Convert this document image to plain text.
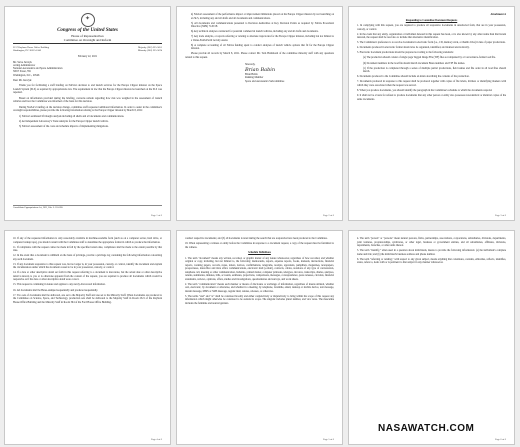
✦
Congress of the United States
House of Representatives
Committee on Oversight and Reform
2157 Rayburn House Office Building
Washington, DC 20515-6143
Majority (202) 225-5051
Minority (202) 225-5074
February 22, 2021
Mr. Steve Jurczyk
Acting Administrator
National Aeronautics and Space Administration
300 E Street, SW
Washington, D.C., 20546

Dear Mr. Jurczyk:

Thank you for facilitating a staff briefing on NASA's decision to end launch services for the Europa Clipper mission on the Space Launch System (SLS) as required by appropriations law. The requirement in law that the Europa Clipper mission be launched on the SLS was repealed.

Based on information provided during the briefing, concerns remain regarding how risk was weighed in the assessment of launch vehicles and how the Committee was informed of the basis for this decision.

During NASA's briefing on the decision change, committee staff requested additional information. In order to assist in the committee's oversight responsibilities, please provide the following information relating to the Europa Clipper mission by March 8, 2021:

1) NASA's estimated lift margin analysis including all shells and all documents and communications.

2) An Independent Laboratory's Trade Analysis for the Europa Clipper launch vehicle.

3) NASA's assessment of the costs and schedule impacts of implementing mitigations.

Consolidated Appropriations Act, 2021, Pub. L. 116-260.
Page 1 of 6

4) NASA's assessment of the performance impact or improvement limitations placed on the Europa Clipper mission by not launching on an SLS, including any and all drafts and all documents and communications.

5) All documents and communications presented to Decision Authorities at Key Decision Points as required by NASA Procedural Directive (NPR) 7120.5E.

6) Any technical analyses conducted for potential commercial launch vehicles, including any and all drafts and documents.

7) Any trade analysis, or reports referring or relating to alternate trajectories for the Europa Clipper mission, including but not limited to a Venus-Earth-Earth Gravity Assist.

8) A complete accounting of all NASA funding spent to conduct analyses of launch vehicle options that fit for the Europa Clipper mission.

Please provide all records by March 8, 2021. Please contact Mr. Tom Hammond of the committee minority staff with any questions related to this request.

Sincerely,
Brian Babin
Brian Babin
Ranking Member
Space and Aeronautics Subcommittee
Page 2 of 6
Attachment A
Responding to Committee Document Requests

1. In complying with this request, you are required to produce all responsive documents in unredacted form, that are in your possession, custody, or control.

2. In the event that any entity, organization or individual denoted in this request has been, or is also known by any other name than that herein denoted, the request shall be read also to include that alternative identification.

3. The Committee's preference is to receive documents in electronic form (i.e., CD, memory stick, or thumb drive) in lieu of paper productions.

4. Documents produced in electronic format should also be organized, identified, and indexed electronically.

5. Electronic document productions should be prepared according to the following standards:

(a) The production should consist of single page Tagged Image File (TIF) files accompanied by a Concordance-format load file.

(b) Document numbers in the load file should match document Bates numbers and TIF file names.

(c) If the production is completed through a series of multiple partial productions, field names and file order in all load files should match.

6. Documents produced to the Committee should include an index describing the contents of the production.

7. Documents produced in response to this request shall be produced together with copies of file labels, dividers or identifying markers with which they were associated when the request was served.

8. When you produce documents, you should identify the paragraph in the Committee's schedule to which the documents respond.

9. It shall not be a basis for refusal to produce documents that any other person or entity also possesses non-identical or identical copies of the same documents.

Page 3 of 6

10. If any of the requested information is only reasonably available in machine-readable form (such as on a computer server, hard drive, or computer backup tape), you should consult with the Committee staff to determine the appropriate format in which to produce the information.

11. If compliance with the request cannot be made in full by the specified return date, compliance shall be made to the extent possible by that date.

12. In the event that a document is withheld on the basis of privilege, provide a privilege log containing the following information concerning any such document.

13. If any document responsive to this request was, but no longer is, in your possession, custody, or control, identify the document and explain the circumstances under which the document ceased to be in your possession, custody, or control.

14. If a date or other descriptive detail set forth in this request referring to a document is inaccurate, but the actual date or other descriptive detail is known to you or is otherwise apparent from the context of the request, you are required to produce all documents which would be responsive as if the date or other descriptive detail were correct.

15. This request is continuing in nature and applies to any newly-discovered information.

16. All documents shall be Bates-stamped sequentially and produced sequentially.

17. Two sets of documents shall be delivered, one set to the Majority Staff and one set to the Minority Staff. When documents are produced to the Committee on Science, Space, and Technology, production sets shall be delivered to the Majority Staff in Room 2321 of the Rayburn House Office Building and the Minority Staff in Room 394 of the Ford House Office Building.

Page 4 of 6

conduct respective documents; and (5) all documents located during the search that are responsive have been produced to the Committee.

18. When representing a witness or entity before the Committee in response to a document request, a copy of the request must be furnished to the witness.

Schedule Definitions

1. The term "document" means any written, recorded, or graphic matter of any nature whatsoever, regardless of how recorded, and whether original or copy, including, but not limited to, the following: memoranda, reports, expense reports, books, manuals, instructions, financial reports, working papers, records, notes, letters, notices, confirmations, telegrams, receipts, appraisals, pamphlets, magazines, newspapers, prospectuses, interoffice and intra office communications, electronic mail (e-mail), contracts, cables, notations of any type of conversation, telephone call, meeting or other communication, bulletins, printed matter, computer printouts, teletypes, invoices, transcripts, diaries, analyses, returns, summaries, minutes, bills, accounts, estimates, projections, comparisons, messages, correspondence, press releases, circulars, financial statements, reviews, opinions, offers, studies and investigations, questionnaires and surveys, and work sheets.

2. The term "communication" means each manner or means of disclosure or exchange of information, regardless of means utilized, whether oral, electronic, by document or otherwise, and whether in a meeting, by telephone, facsimile, email, desktop or mobile device, text message, instant message, MMS or SMS message, regular mail, telexes, releases, or otherwise.

3. The terms "and" and "or" shall be construed broadly and either conjunctively or disjunctively to bring within the scope of this request any information which might otherwise be construed to be outside its scope. The singular includes plural number, and vice versa. The masculine includes the feminine and neutral genders.

Page 5 of 6

4. The term "person" or "persons" mean natural persons, firms, partnerships, associations, corporations, subsidiaries, divisions, departments, joint ventures, proprietorships, syndicates, or other legal, business or government entities, and all subsidiaries, affiliates, divisions, departments, branches, or other units thereof.

5. The term "identify," when used in a question about individuals, means to provide the following information: (a) the individual's complete name and title; and (b) the individual's business address and phone number.

6. The term "referring or relating," with respect to any given subject, means anything that constitutes, contains, embodies, reflects, identifies, states, refers to, deals with or is pertinent to that subject in any manner whatsoever.

Page 6 of 6
NASAWATCH.COM
